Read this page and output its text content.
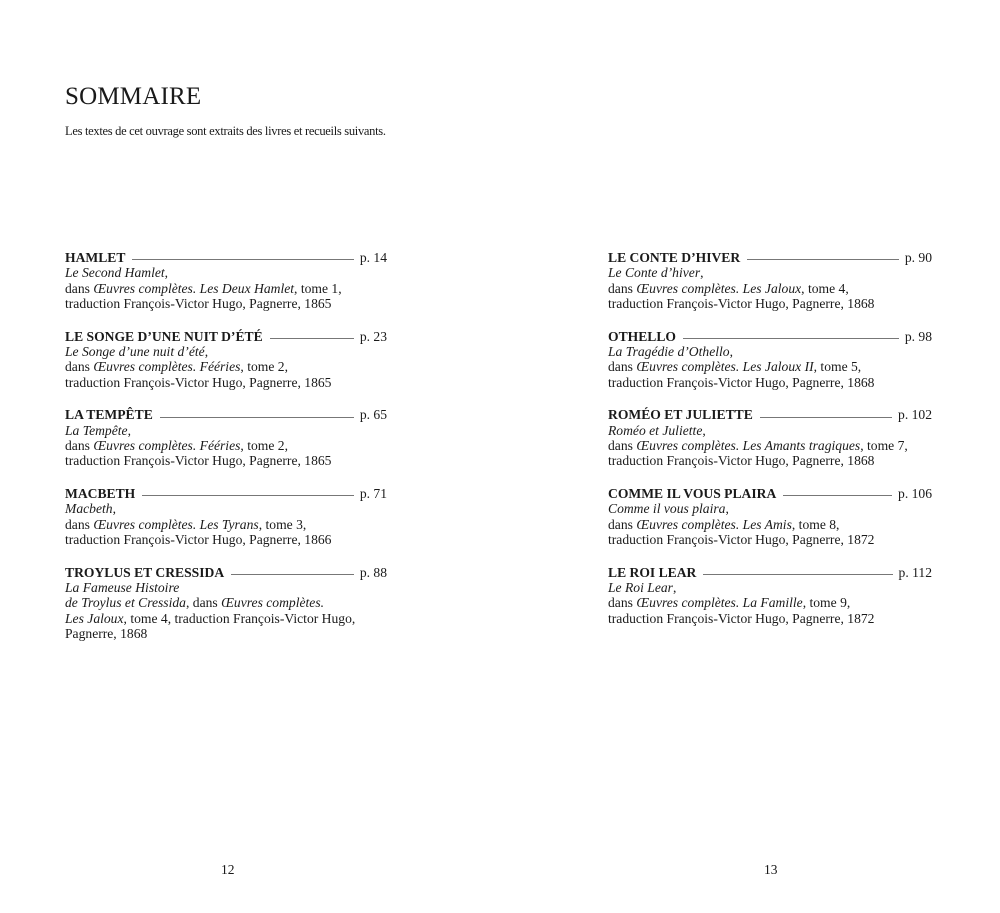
SOMMAIRE
Les textes de cet ouvrage sont extraits des livres et recueils suivants.
HAMLET	p. 14
Le Second Hamlet,
dans Œuvres complètes. Les Deux Hamlet, tome 1,
traduction François-Victor Hugo, Pagnerre, 1865
LE SONGE D’UNE NUIT D’ÉTÉ	p. 23
Le Songe d’une nuit d’été,
dans Œuvres complètes. Fééries, tome 2,
traduction François-Victor Hugo, Pagnerre, 1865
LA TEMPÊTE	p. 65
La Tempête,
dans Œuvres complètes. Fééries, tome 2,
traduction François-Victor Hugo, Pagnerre, 1865
MACBETH	p. 71
Macbeth,
dans Œuvres complètes. Les Tyrans, tome 3,
traduction François-Victor Hugo, Pagnerre, 1866
TROYLUS ET CRESSIDA	p. 88
La Fameuse Histoire
de Troylus et Cressida, dans Œuvres complètes.
Les Jaloux, tome 4, traduction François-Victor Hugo,
Pagnerre, 1868
LE CONTE D’HIVER	p. 90
Le Conte d’hiver,
dans Œuvres complètes. Les Jaloux, tome 4,
traduction François-Victor Hugo, Pagnerre, 1868
OTHELLO	p. 98
La Tragédie d’Othello,
dans Œuvres complètes. Les Jaloux II, tome 5,
traduction François-Victor Hugo, Pagnerre, 1868
ROMÉO ET JULIETTE	p. 102
Roméo et Juliette,
dans Œuvres complètes. Les Amants tragiques, tome 7,
traduction François-Victor Hugo, Pagnerre, 1868
COMME IL VOUS PLAIRA	p. 106
Comme il vous plaira,
dans Œuvres complètes. Les Amis, tome 8,
traduction François-Victor Hugo, Pagnerre, 1872
LE ROI LEAR	p. 112
Le Roi Lear,
dans Œuvres complètes. La Famille, tome 9,
traduction François-Victor Hugo, Pagnerre, 1872
12	13
